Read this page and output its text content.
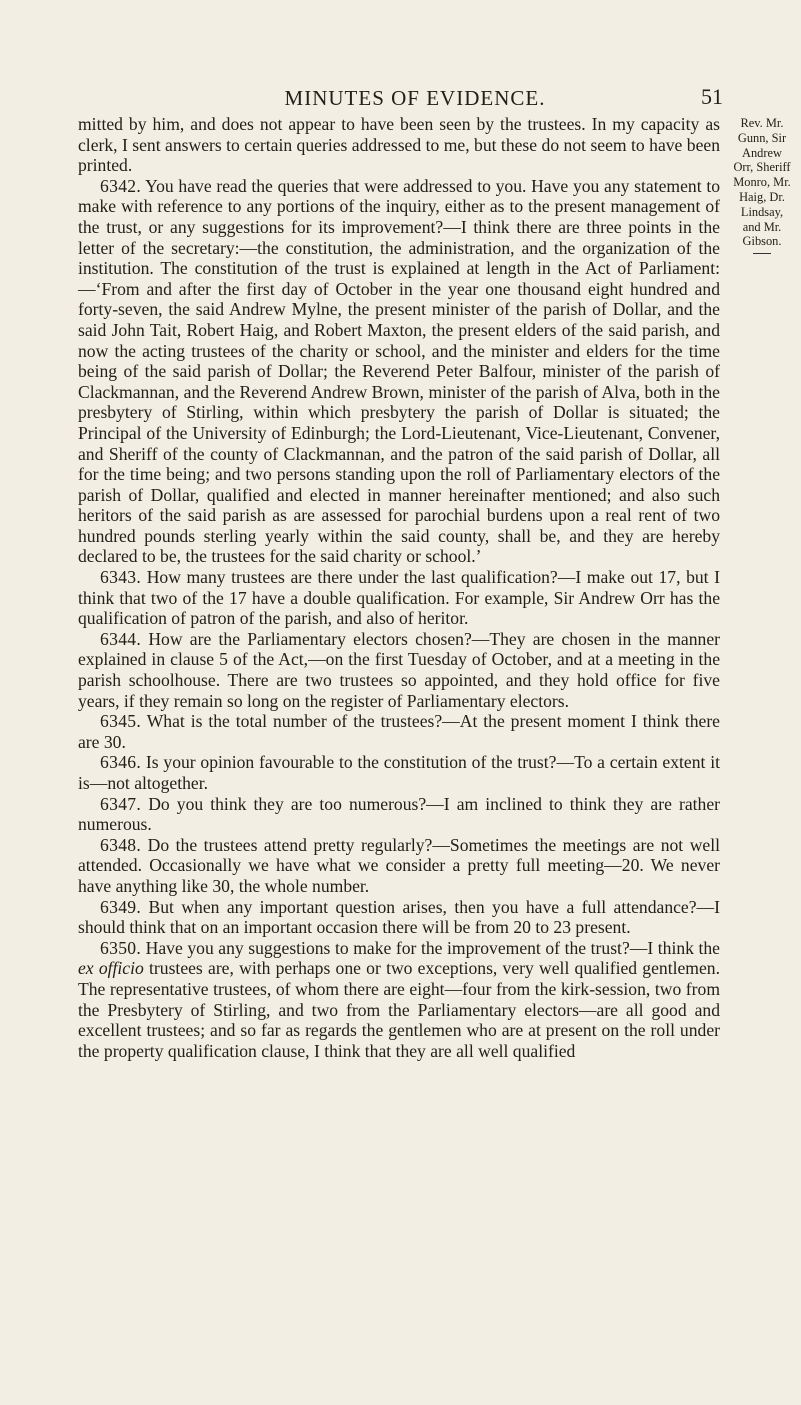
MINUTES OF EVIDENCE.	51
Rev. Mr.
Gunn, Sir
Andrew
Orr, Sheriff
Monro, Mr.
Haig, Dr.
Lindsay,
and Mr.
Gibson.

mitted by him, and does not appear to have been seen by the trustees. In my capacity as clerk, I sent answers to certain queries addressed to me, but these do not seem to have been printed.

6342. You have read the queries that were addressed to you. Have you any statement to make with reference to any portions of the inquiry, either as to the present management of the trust, or any suggestions for its improvement?—I think there are three points in the letter of the secretary:—the constitution, the administration, and the organization of the institution. The constitution of the trust is explained at length in the Act of Parliament:—‘From and after the first day of October in the year one thousand eight hundred and forty-seven, the said Andrew Mylne, the present minister of the parish of Dollar, and the said John Tait, Robert Haig, and Robert Maxton, the present elders of the said parish, and now the acting trustees of the charity or school, and the minister and elders for the time being of the said parish of Dollar; the Reverend Peter Balfour, minister of the parish of Clackmannan, and the Reverend Andrew Brown, minister of the parish of Alva, both in the presbytery of Stirling, within which presbytery the parish of Dollar is situated; the Principal of the University of Edinburgh; the Lord-Lieutenant, Vice-Lieutenant, Convener, and Sheriff of the county of Clackmannan, and the patron of the said parish of Dollar, all for the time being; and two persons standing upon the roll of Parliamentary electors of the parish of Dollar, qualified and elected in manner hereinafter mentioned; and also such heritors of the said parish as are assessed for parochial burdens upon a real rent of two hundred pounds sterling yearly within the said county, shall be, and they are hereby declared to be, the trustees for the said charity or school.’

6343. How many trustees are there under the last qualification?—I make out 17, but I think that two of the 17 have a double qualification. For example, Sir Andrew Orr has the qualification of patron of the parish, and also of heritor.

6344. How are the Parliamentary electors chosen?—They are chosen in the manner explained in clause 5 of the Act,—on the first Tuesday of October, and at a meeting in the parish schoolhouse. There are two trustees so appointed, and they hold office for five years, if they remain so long on the register of Parliamentary electors.

6345. What is the total number of the trustees?—At the present moment I think there are 30.

6346. Is your opinion favourable to the constitution of the trust?—To a certain extent it is—not altogether.

6347. Do you think they are too numerous?—I am inclined to think they are rather numerous.

6348. Do the trustees attend pretty regularly?—Sometimes the meetings are not well attended. Occasionally we have what we consider a pretty full meeting—20. We never have anything like 30, the whole number.

6349. But when any important question arises, then you have a full attendance?—I should think that on an important occasion there will be from 20 to 23 present.

6350. Have you any suggestions to make for the improvement of the trust?—I think the ex officio trustees are, with perhaps one or two exceptions, very well qualified gentlemen. The representative trustees, of whom there are eight—four from the kirk-session, two from the Presbytery of Stirling, and two from the Parliamentary electors—are all good and excellent trustees; and so far as regards the gentlemen who are at present on the roll under the property qualification clause, I think that they are all well qualified
